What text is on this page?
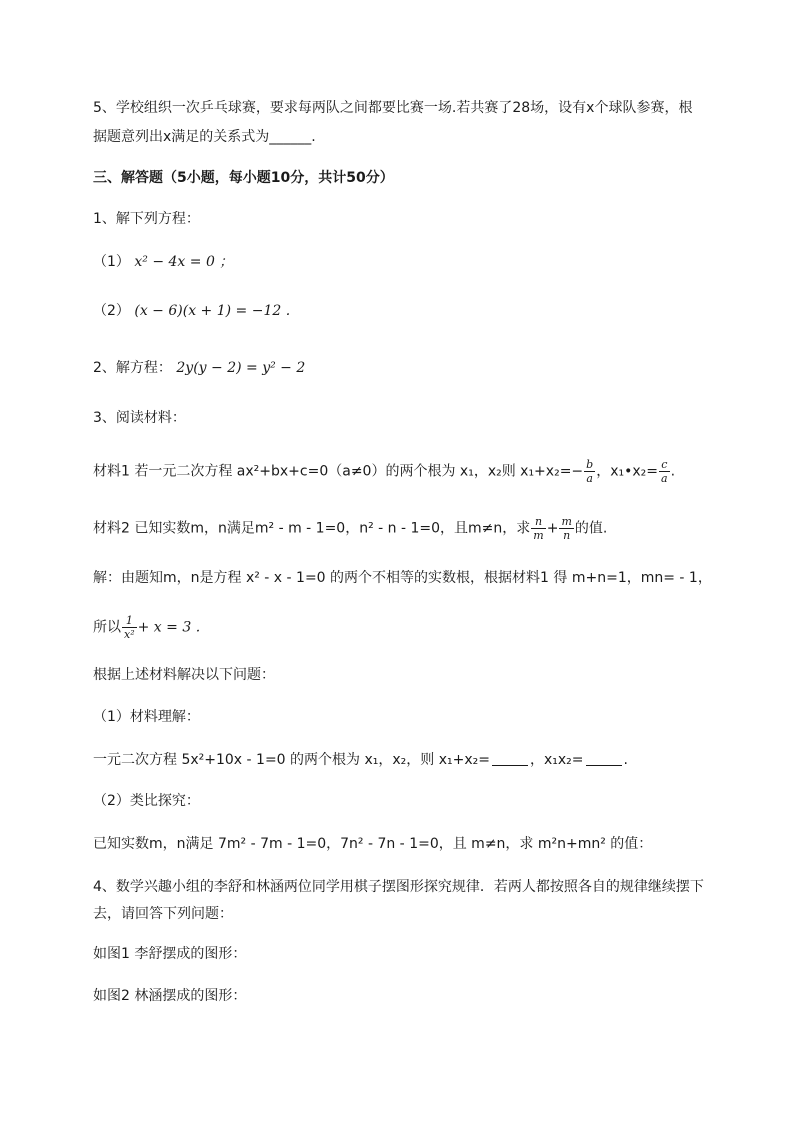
5、学校组织一次乒乓球赛，要求每两队之间都要比赛一场.若共赛了28场，设有x个球队参赛，根
据题意列出x满足的关系式为______.
三、解答题（5小题，每小题10分，共计50分）
1、解下列方程：
（1） x² − 4x = 0 ；
（2） (x − 6)(x + 1) = −12 .
2、解方程： 2y(y − 2) = y² − 2
3、阅读材料：
材料1 若一元二次方程 ax²+bx+c=0（a≠0）的两个根为 x₁，x₂则 $x_1+x_2=- \frac{b}{a}$ ，x₁•x₂= $\frac{c}{a}$ .
材料2 已知实数m，n满足m² - m - 1=0，n² - n - 1=0，且m≠n，求 $\frac{n}{m} + \frac{m}{n}$ 的值.
解：由题知m，n是方程 x² - x - 1=0 的两个不相等的实数根，根据材料1 得 m+n=1，mn= - 1，
所以 $\frac{1}{\text{x²}} + x = 3$ .
根据上述材料解决以下问题：
（1）材料理解：
一元二次方程 5x²+10x - 1=0 的两个根为 x₁，x₂，则 x₁+x₂=	，x₁x₂=	.
（2）类比探究：
已知实数m，n满足 7m² - 7m - 1=0，7n² - 7n - 1=0，且 m≠n，求 m²n+mn² 的值：
4、数学兴趣小组的李舒和林涵两位同学用棋子摆图形探究规律．若两人都按照各自的规律继续摆下
去，请回答下列问题：
如图1 李舒摆成的图形：
如图2 林涵摆成的图形：
